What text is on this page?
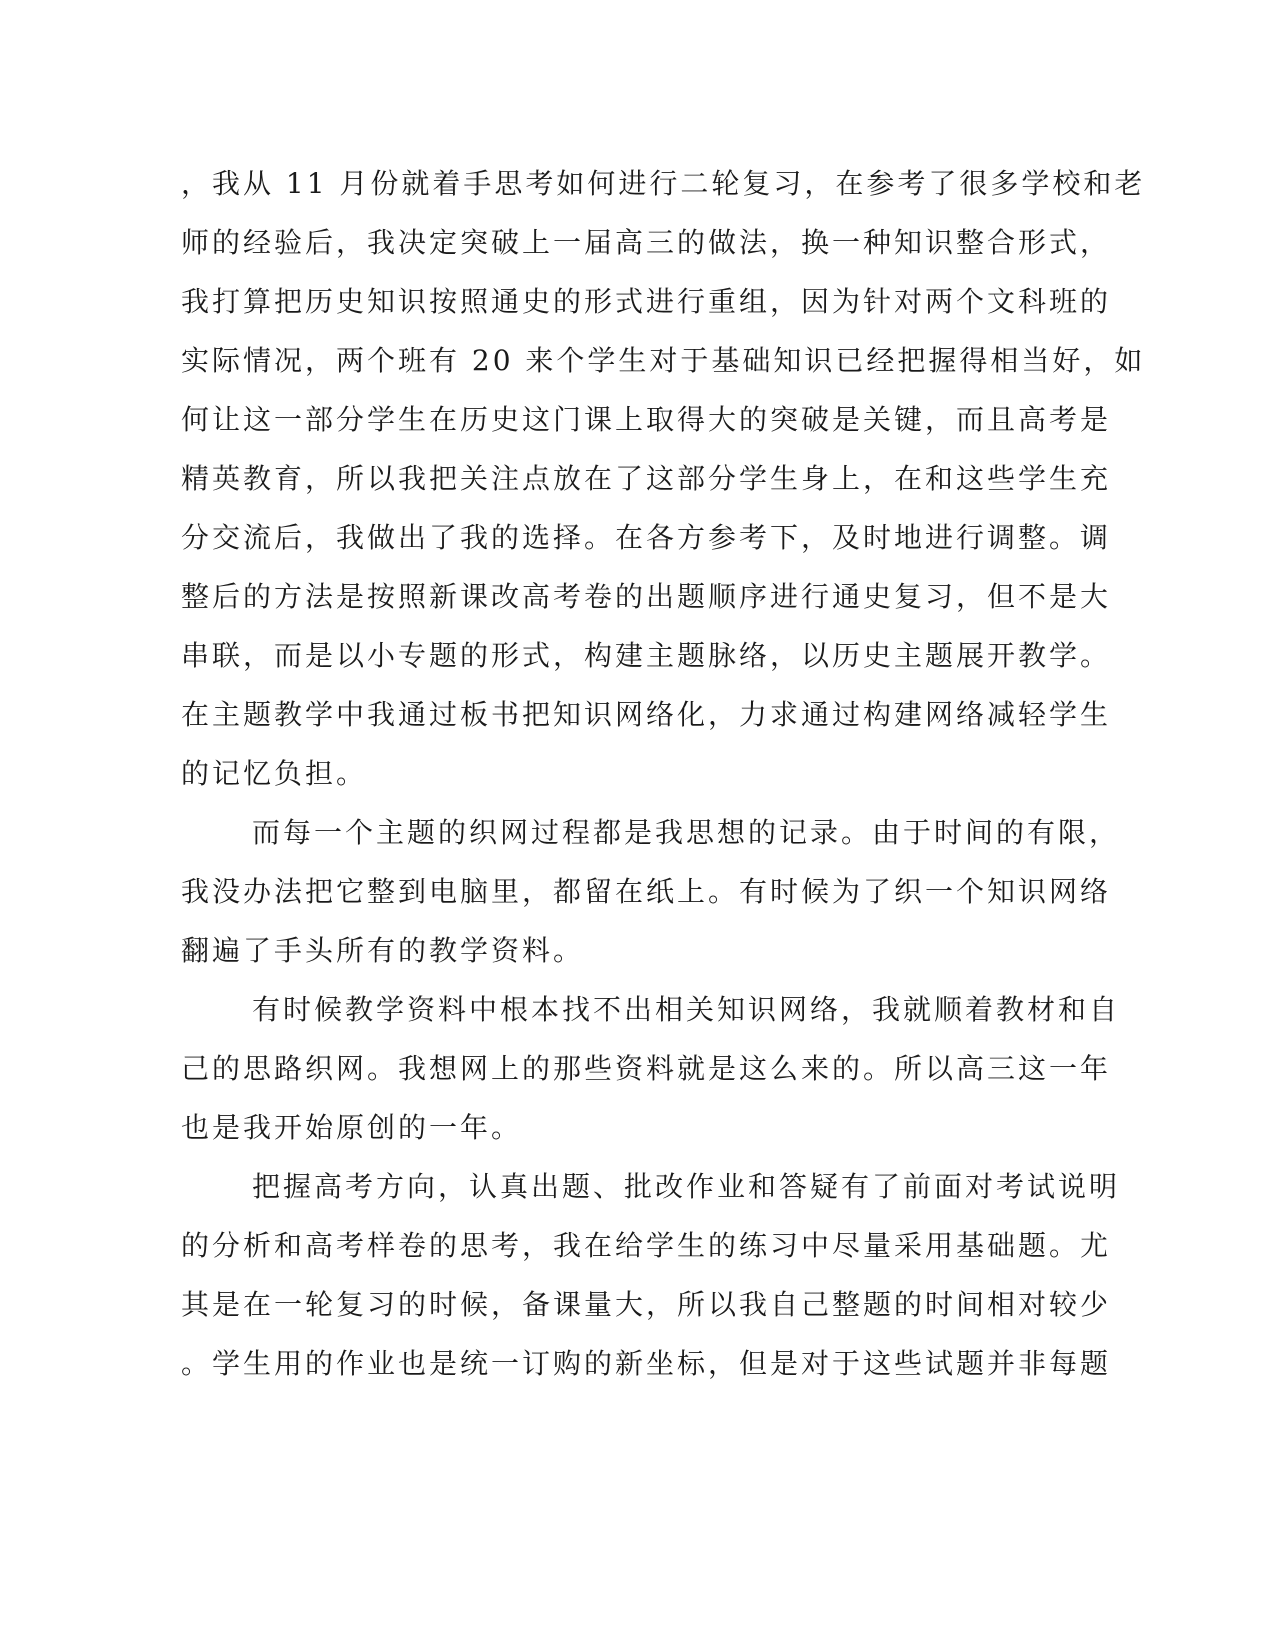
，我从 11 月份就着手思考如何进行二轮复习，在参考了很多学校和老
师的经验后，我决定突破上一届高三的做法，换一种知识整合形式，
我打算把历史知识按照通史的形式进行重组，因为针对两个文科班的
实际情况，两个班有 20 来个学生对于基础知识已经把握得相当好，如
何让这一部分学生在历史这门课上取得大的突破是关键，而且高考是
精英教育，所以我把关注点放在了这部分学生身上，在和这些学生充
分交流后，我做出了我的选择。在各方参考下，及时地进行调整。调
整后的方法是按照新课改高考卷的出题顺序进行通史复习，但不是大
串联，而是以小专题的形式，构建主题脉络，以历史主题展开教学。
在主题教学中我通过板书把知识网络化，力求通过构建网络减轻学生
的记忆负担。
而每一个主题的织网过程都是我思想的记录。由于时间的有限，
我没办法把它整到电脑里，都留在纸上。有时候为了织一个知识网络
翻遍了手头所有的教学资料。
有时候教学资料中根本找不出相关知识网络，我就顺着教材和自
己的思路织网。我想网上的那些资料就是这么来的。所以高三这一年
也是我开始原创的一年。
把握高考方向，认真出题、批改作业和答疑有了前面对考试说明
的分析和高考样卷的思考，我在给学生的练习中尽量采用基础题。尤
其是在一轮复习的时候，备课量大，所以我自己整题的时间相对较少
。学生用的作业也是统一订购的新坐标，但是对于这些试题并非每题
